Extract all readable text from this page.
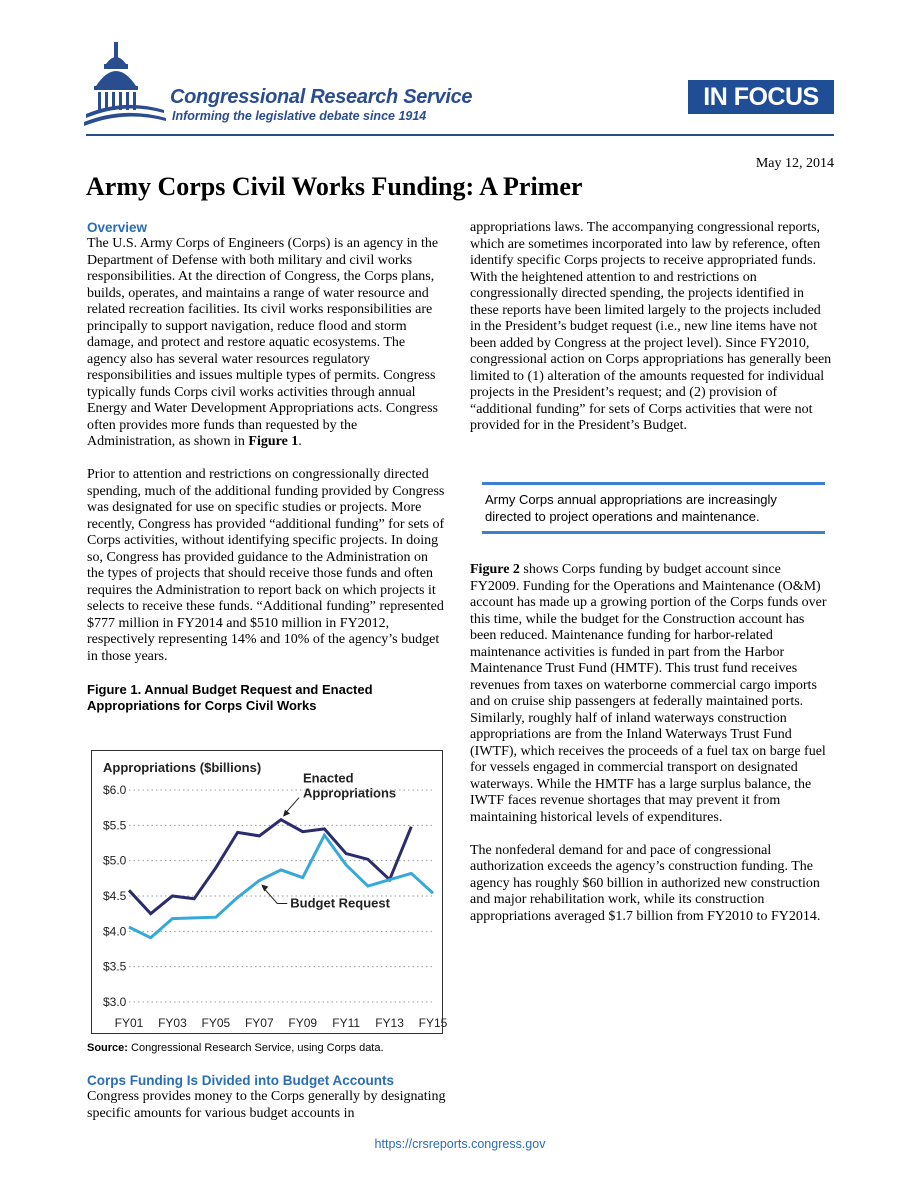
Congressional Research Service
Informing the legislative debate since 1914
IN FOCUS
May 12, 2014
Army Corps Civil Works Funding: A Primer
Overview

The U.S. Army Corps of Engineers (Corps) is an agency in the Department of Defense with both military and civil works responsibilities. At the direction of Congress, the Corps plans, builds, operates, and maintains a range of water resource and related recreation facilities. Its civil works responsibilities are principally to support navigation, reduce flood and storm damage, and protect and restore aquatic ecosystems. The agency also has several water resources regulatory responsibilities and issues multiple types of permits. Congress typically funds Corps civil works activities through annual Energy and Water Development Appropriations acts. Congress often provides more funds than requested by the Administration, as shown in Figure 1.

Prior to attention and restrictions on congressionally directed spending, much of the additional funding provided by Congress was designated for use on specific studies or projects. More recently, Congress has provided “additional funding” for sets of Corps activities, without identifying specific projects. In doing so, Congress has provided guidance to the Administration on the types of projects that should receive those funds and often requires the Administration to report back on which projects it selects to receive these funds. “Additional funding” represented $777 million in FY2014 and $510 million in FY2012, respectively representing 14% and 10% of the agency’s budget in those years.

Figure 1. Annual Budget Request and Enacted Appropriations for Corps Civil Works
Appropriations ($billions)
$6.0
$5.5
$5.0
$4.5
$4.0
$3.5
$3.0
FY01 FY03 FY05 FY07 FY09 FY11 FY13 FY15
Enacted
Appropriations
Budget Request
Source: Congressional Research Service, using Corps data.
Corps Funding Is Divided into Budget Accounts

Congress provides money to the Corps generally by designating specific amounts for various budget accounts in

appropriations laws. The accompanying congressional reports, which are sometimes incorporated into law by reference, often identify specific Corps projects to receive appropriated funds. With the heightened attention to and restrictions on congressionally directed spending, the projects identified in these reports have been limited largely to the projects included in the President’s budget request (i.e., new line items have not been added by Congress at the project level). Since FY2010, congressional action on Corps appropriations has generally been limited to (1) alteration of the amounts requested for individual projects in the President’s request; and (2) provision of “additional funding” for sets of Corps activities that were not provided for in the President’s Budget.

Army Corps annual appropriations are increasingly directed to project operations and maintenance.

Figure 2 shows Corps funding by budget account since FY2009. Funding for the Operations and Maintenance (O&M) account has made up a growing portion of the Corps funds over this time, while the budget for the Construction account has been reduced. Maintenance funding for harbor-related maintenance activities is funded in part from the Harbor Maintenance Trust Fund (HMTF). This trust fund receives revenues from taxes on waterborne commercial cargo imports and on cruise ship passengers at federally maintained ports. Similarly, roughly half of inland waterways construction appropriations are from the Inland Waterways Trust Fund (IWTF), which receives the proceeds of a fuel tax on barge fuel for vessels engaged in commercial transport on designated waterways. While the HMTF has a large surplus balance, the IWTF faces revenue shortages that may prevent it from maintaining historical levels of expenditures.

The nonfederal demand for and pace of congressional authorization exceeds the agency’s construction funding. The agency has roughly $60 billion in authorized new construction and major rehabilitation work, while its construction appropriations averaged $1.7 billion from FY2010 to FY2014.

https://crsreports.congress.gov
